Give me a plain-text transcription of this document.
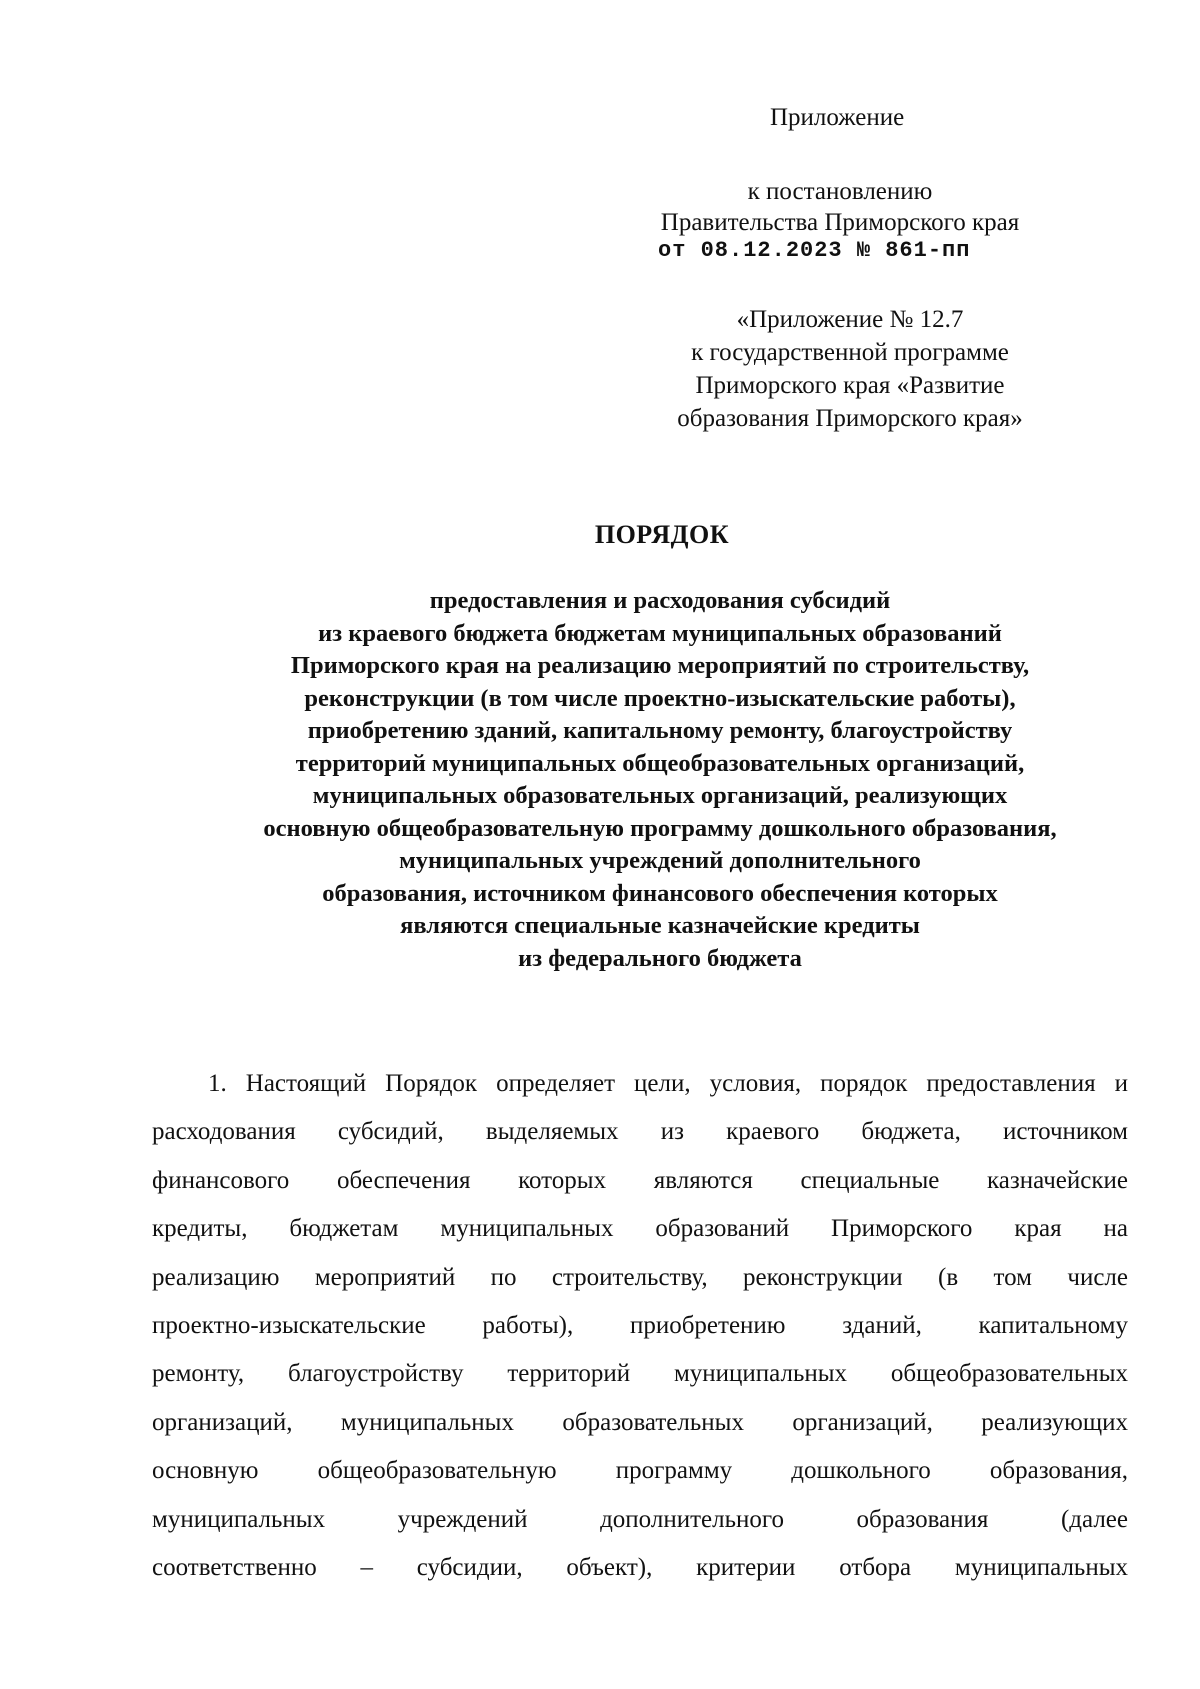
Приложение
к постановлению
Правительства Приморского края
от 08.12.2023 № 861-пп
«Приложение № 12.7
к государственной программе
Приморского края «Развитие
образования Приморского края»
ПОРЯДОК
предоставления и расходования субсидий
из краевого бюджета бюджетам муниципальных образований
Приморского края на реализацию мероприятий по строительству,
реконструкции (в том числе проектно-изыскательские работы),
приобретению зданий, капитальному ремонту, благоустройству
территорий муниципальных общеобразовательных организаций,
муниципальных образовательных организаций, реализующих
основную общеобразовательную программу дошкольного образования,
муниципальных учреждений дополнительного
образования, источником финансового обеспечения которых
являются специальные казначейские кредиты
из федерального бюджета
1. Настоящий Порядок определяет цели, условия, порядок предоставления и
расходования субсидий, выделяемых из краевого бюджета, источником
финансового обеспечения которых являются специальные казначейские
кредиты, бюджетам муниципальных образований Приморского края на
реализацию мероприятий по строительству, реконструкции (в том числе
проектно-изыскательские работы), приобретению зданий, капитальному
ремонту, благоустройству территорий муниципальных общеобразовательных
организаций, муниципальных образовательных организаций, реализующих
основную общеобразовательную программу дошкольного образования,
муниципальных учреждений дополнительного образования (далее
соответственно – субсидии, объект), критерии отбора муниципальных
